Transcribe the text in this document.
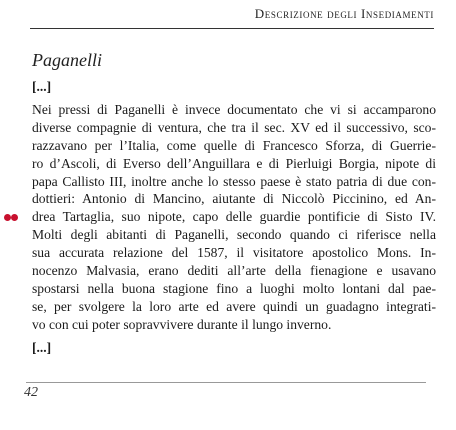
Descrizione degli Insediamenti
Paganelli
[...]
Nei pressi di Paganelli è invece documentato che vi si accamparono
diverse compagnie di ventura, che tra il sec. XV ed il successivo, sco-
razzavano per l’Italia, come quelle di Francesco Sforza, di Guerrie-
ro d’Ascoli, di Everso dell’Anguillara e di Pierluigi Borgia, nipote di
papa Callisto III, inoltre anche lo stesso paese è stato patria di due con-
dottieri: Antonio di Mancino, aiutante di Niccolò Piccinino, ed An-
drea Tartaglia, suo nipote, capo delle guardie pontificie di Sisto IV.
Molti degli abitanti di Paganelli, secondo quando ci riferisce nella
sua accurata relazione del 1587, il visitatore apostolico Mons. In-
nocenzo Malvasia, erano dediti all’arte della fienagione e usavano
spostarsi nella buona stagione fino a luoghi molto lontani dal pae-
se, per svolgere la loro arte ed avere quindi un guadagno integrati-
vo con cui poter sopravvivere durante il lungo inverno.
[...]
42
